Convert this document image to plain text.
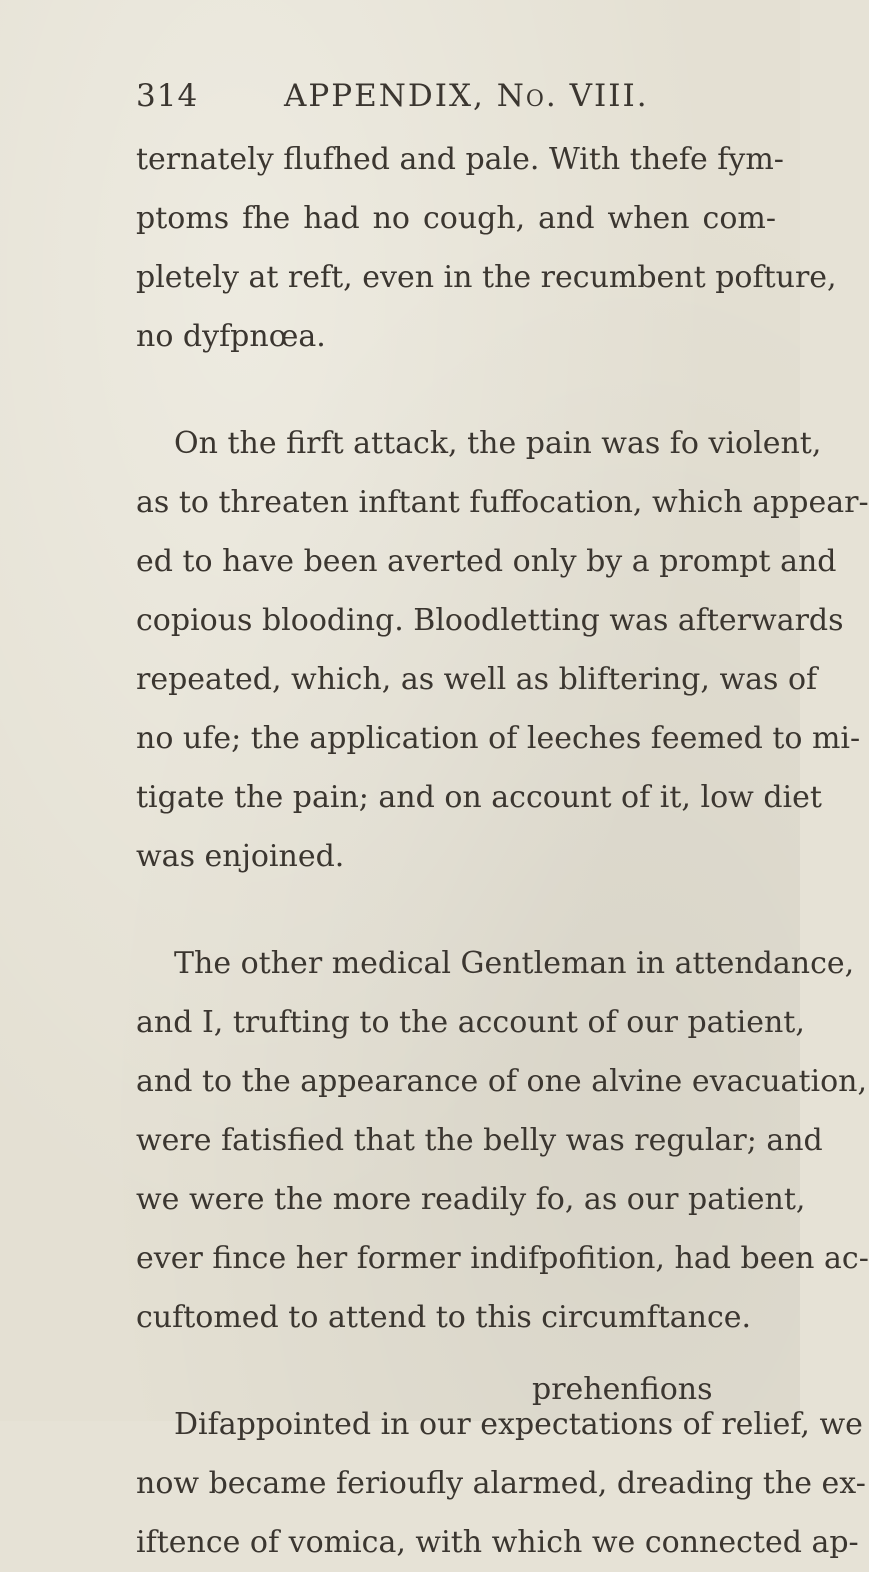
314	APPENDIX, No. VIII.
ternately flufhed and pale. With thefe fym-
ptoms fhe had no cough, and when com-
pletely at reft, even in the recumbent pofture,
no dyfpnœa.
On the firft attack, the pain was fo violent,
as to threaten inftant fuffocation, which appear-
ed to have been averted only by a prompt and
copious blooding. Bloodletting was afterwards
repeated, which, as well as bliftering, was of
no ufe; the application of leeches feemed to mi-
tigate the pain; and on account of it, low diet
was enjoined.
The other medical Gentleman in attendance,
and I, trufting to the account of our patient,
and to the appearance of one alvine evacuation,
were fatisfied that the belly was regular; and
we were the more readily fo, as our patient,
ever fince her former indifpofition, had been ac-
cuftomed to attend to this circumftance.
Difappointed in our expectations of relief, we
now became ferioufly alarmed, dreading the ex-
iftence of vomica, with which we connected ap-
prehenfions
